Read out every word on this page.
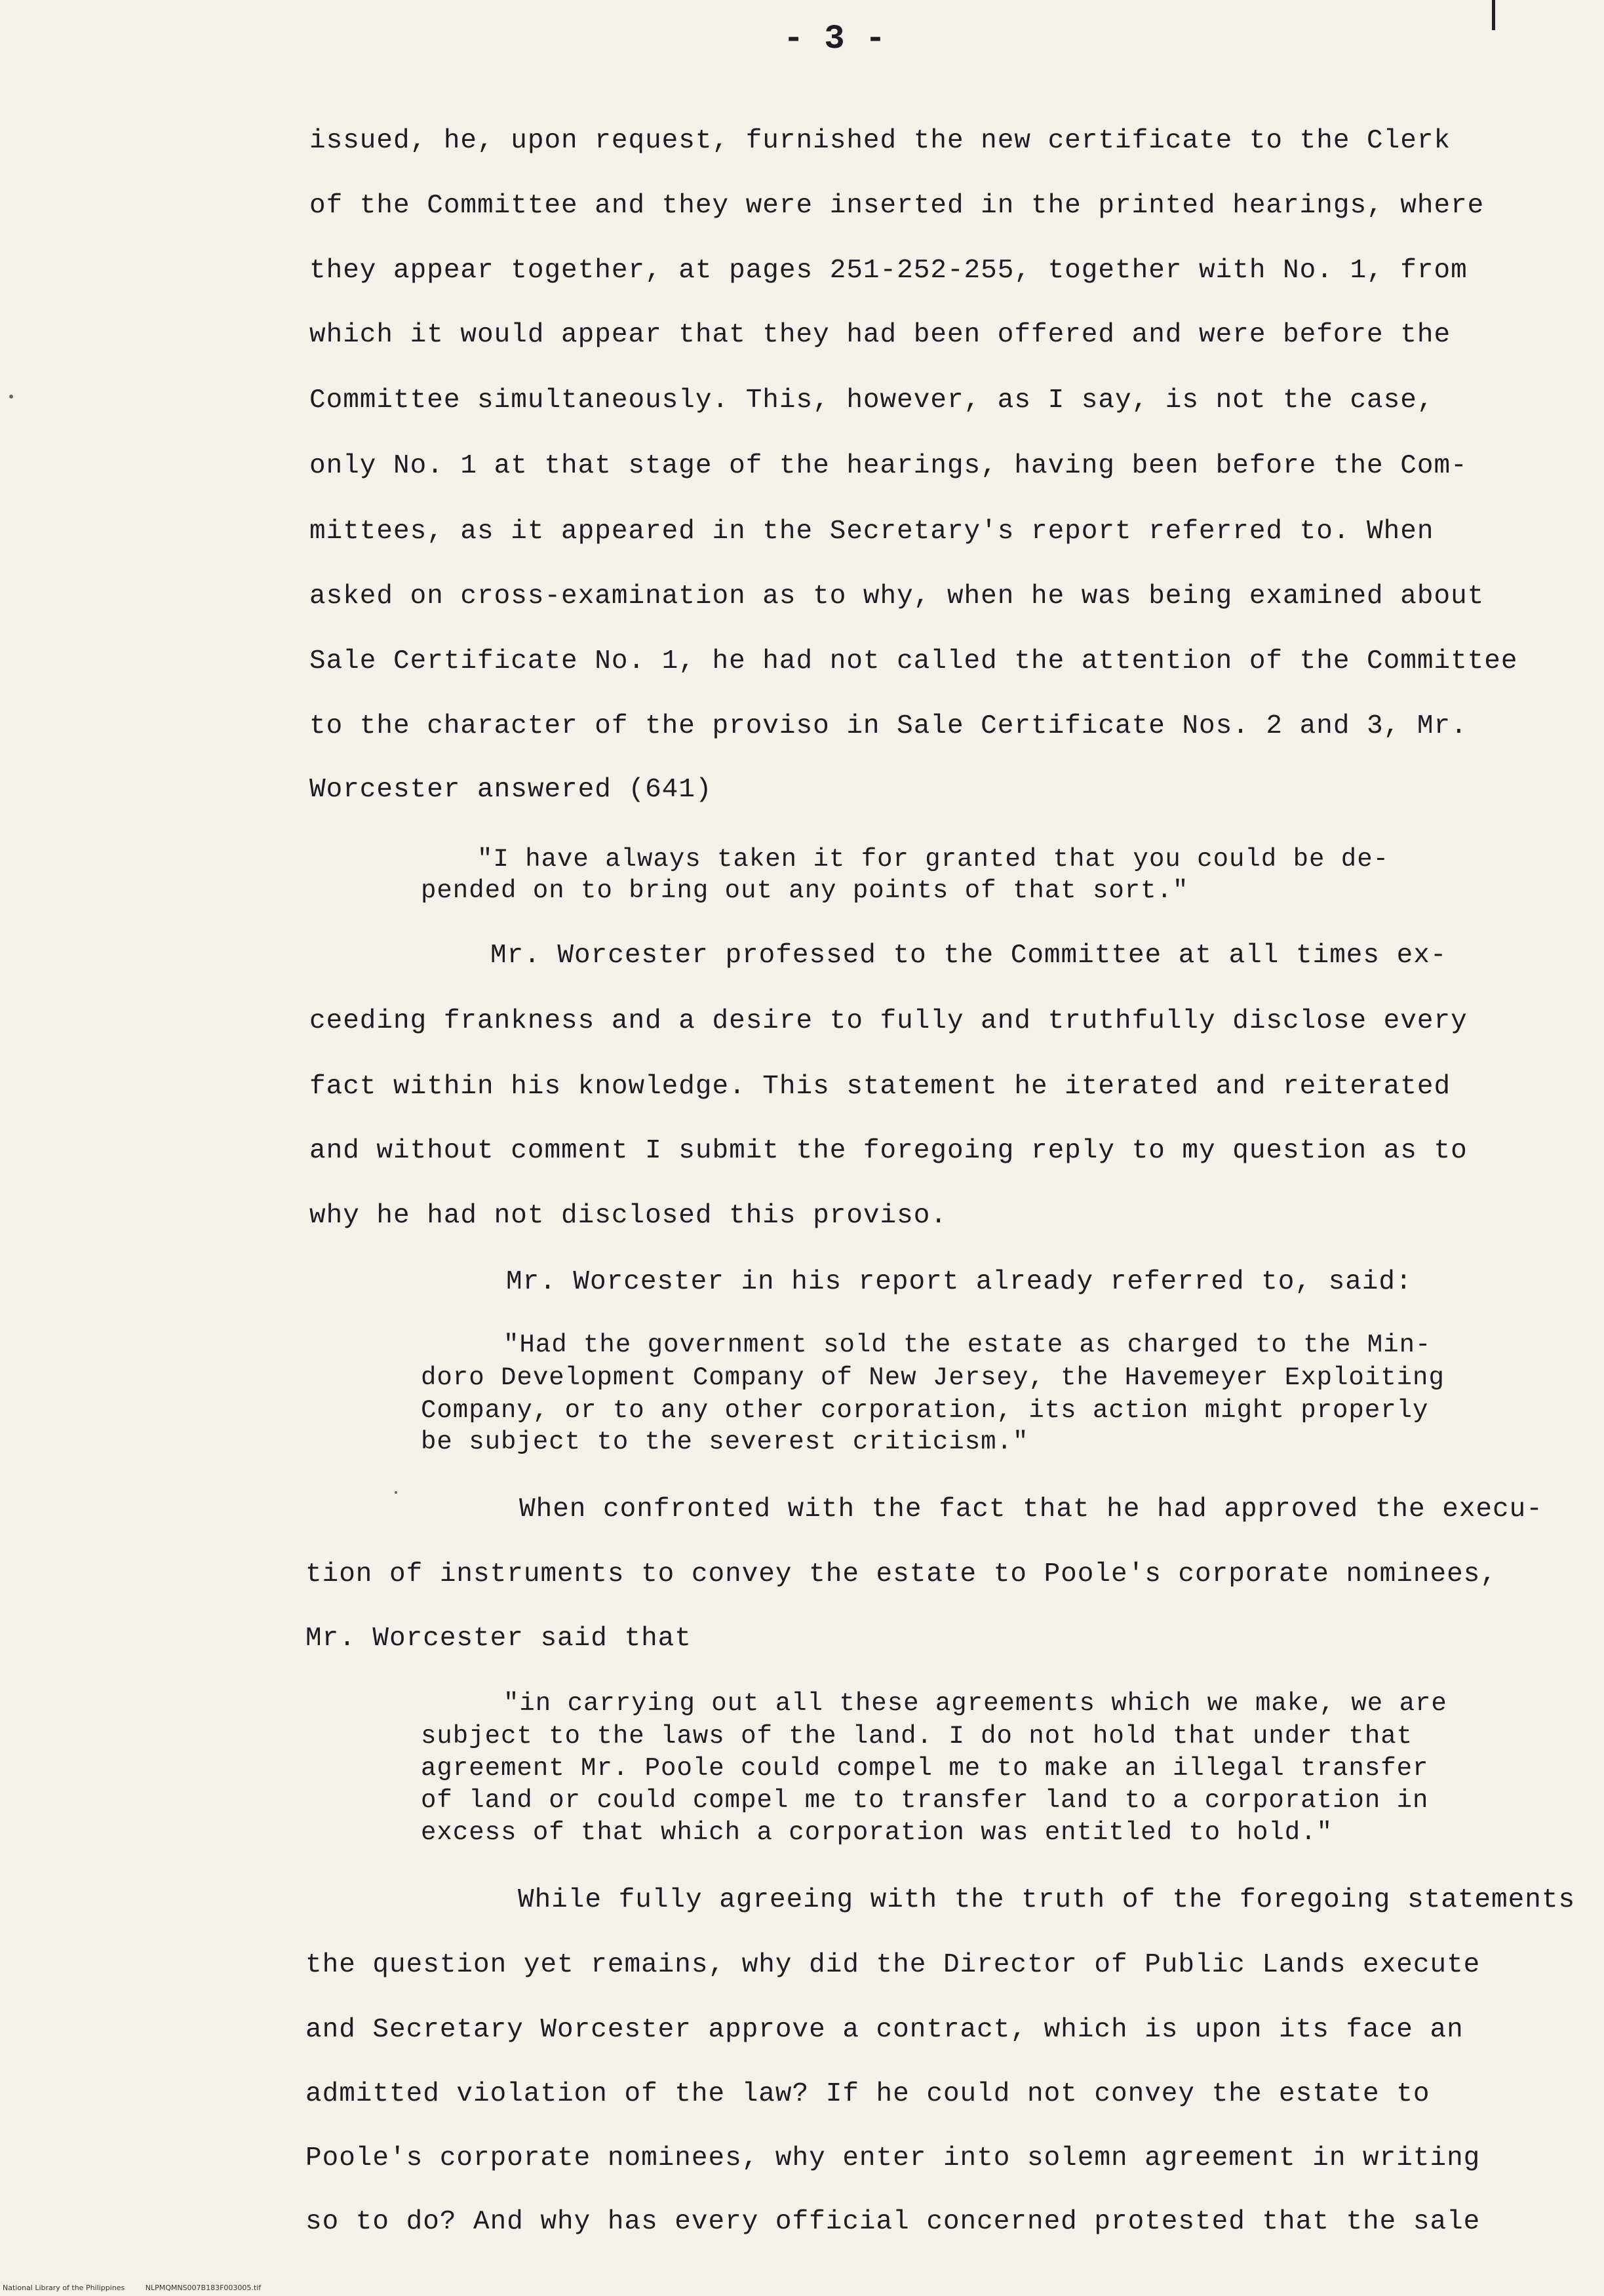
- 3 -
issued, he, upon request, furnished the new certificate to the Clerk
of the Committee and they were inserted in the printed hearings, where
they appear together, at pages 251-252-255, together with No. 1, from
which it would appear that they had been offered and were before the
Committee simultaneously. This, however, as I say, is not the case,
only No. 1 at that stage of the hearings, having been before the Com-
mittees, as it appeared in the Secretary's report referred to. When
asked on cross-examination as to why, when he was being examined about
Sale Certificate No. 1, he had not called the attention of the Committee
to the character of the proviso in Sale Certificate Nos. 2 and 3, Mr.
Worcester answered (641)
"I have always taken it for granted that you could be de-
pended on to bring out any points of that sort."
Mr. Worcester professed to the Committee at all times ex-
ceeding frankness and a desire to fully and truthfully disclose every
fact within his knowledge. This statement he iterated and reiterated
and without comment I submit the foregoing reply to my question as to
why he had not disclosed this proviso.
Mr. Worcester in his report already referred to, said:
"Had the government sold the estate as charged to the Min-
doro Development Company of New Jersey, the Havemeyer Exploiting
Company, or to any other corporation, its action might properly
be subject to the severest criticism."
When confronted with the fact that he had approved the execu-
tion of instruments to convey the estate to Poole's corporate nominees,
Mr. Worcester said that
"in carrying out all these agreements which we make, we are
subject to the laws of the land. I do not hold that under that
agreement Mr. Poole could compel me to make an illegal transfer
of land or could compel me to transfer land to a corporation in
excess of that which a corporation was entitled to hold."
While fully agreeing with the truth of the foregoing statements
the question yet remains, why did the Director of Public Lands execute
and Secretary Worcester approve a contract, which is upon its face an
admitted violation of the law? If he could not convey the estate to
Poole's corporate nominees, why enter into solemn agreement in writing
so to do? And why has every official concerned protested that the sale
National Library of the Philippines	NLPMQMNS007B183F003005.tif
